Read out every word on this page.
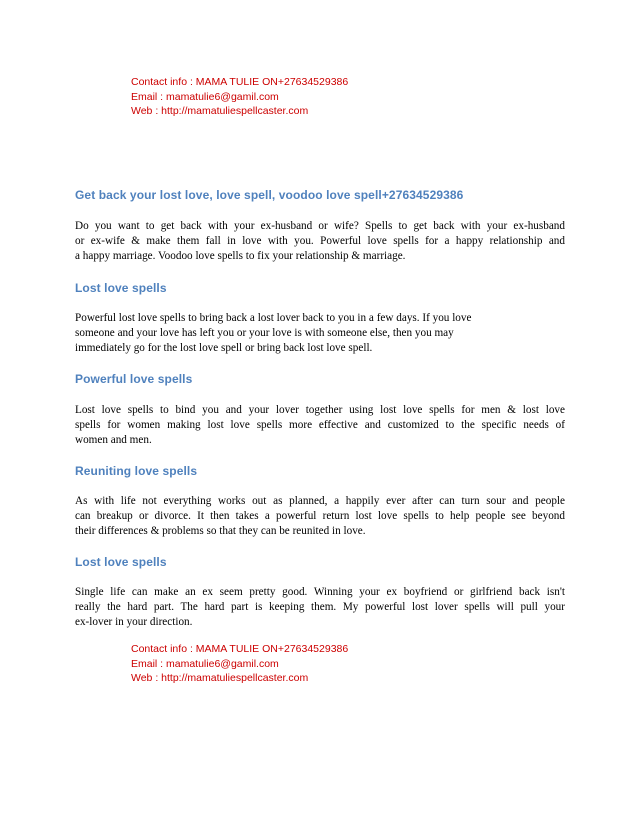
Contact info : MAMA TULIE ON+27634529386
Email : mamatulie6@gamil.com
Web : http://mamatuliespellcaster.com
Get back your lost love, love spell, voodoo love spell+27634529386
Do you want to get back with your ex-husband or wife? Spells to get back with your ex-husband
or ex-wife & make them fall in love with you. Powerful love spells for a happy relationship and
a happy marriage. Voodoo love spells to fix your relationship & marriage.
Lost love spells
Powerful lost love spells to bring back a lost lover back to you in a few days. If you love
someone and your love has left you or your love is with someone else, then you may
immediately go for the lost love spell or bring back lost love spell.
Powerful love spells
Lost love spells to bind you and your lover together using lost love spells for men & lost love
spells for women making lost love spells more effective and customized to the specific needs of
women and men.
Reuniting love spells
As with life not everything works out as planned, a happily ever after can turn sour and people
can breakup or divorce. It then takes a powerful return lost love spells to help people see beyond
their differences & problems so that they can be reunited in love.
Lost love spells
Single life can make an ex seem pretty good. Winning your ex boyfriend or girlfriend back isn't
really the hard part. The hard part is keeping them. My powerful lost lover spells will pull your
ex-lover in your direction.
Contact info : MAMA TULIE ON+27634529386
Email : mamatulie6@gamil.com
Web : http://mamatuliespellcaster.com
